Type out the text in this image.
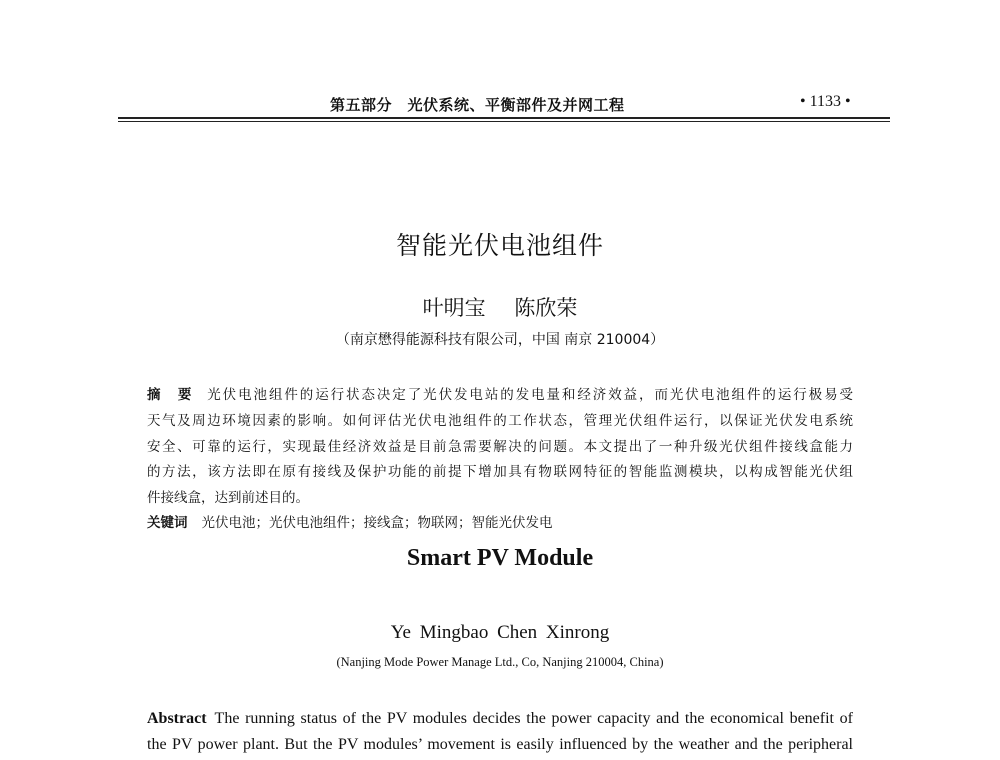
第五部分　光伏系统、平衡部件及并网工程	• 1133 •
智能光伏电池组件
叶明宝 陈欣荣
（南京懋得能源科技有限公司，中国 南京 210004）
摘　要 光伏电池组件的运行状态决定了光伏发电站的发电量和经济效益，而光伏电池组件的运行极易受
天气及周边环境因素的影响。如何评估光伏电池组件的工作状态，管理光伏组件运行，以保证光伏发电系统
安全、可靠的运行，实现最佳经济效益是目前急需要解决的问题。本文提出了一种升级光伏组件接线盒能力
的方法，该方法即在原有接线及保护功能的前提下增加具有物联网特征的智能监测模块，以构成智能光伏组
件接线盒，达到前述目的。
关键词 光伏电池；光伏电池组件；接线盒；物联网；智能光伏发电
Smart PV Module
Ye Mingbao Chen Xinrong
(Nanjing Mode Power Manage Ltd., Co, Nanjing 210004, China)
Abstract The running status of the PV modules decides the power capacity and the economical benefit of
the PV power plant. But the PV modules’ movement is easily influenced by the weather and the peripheral
